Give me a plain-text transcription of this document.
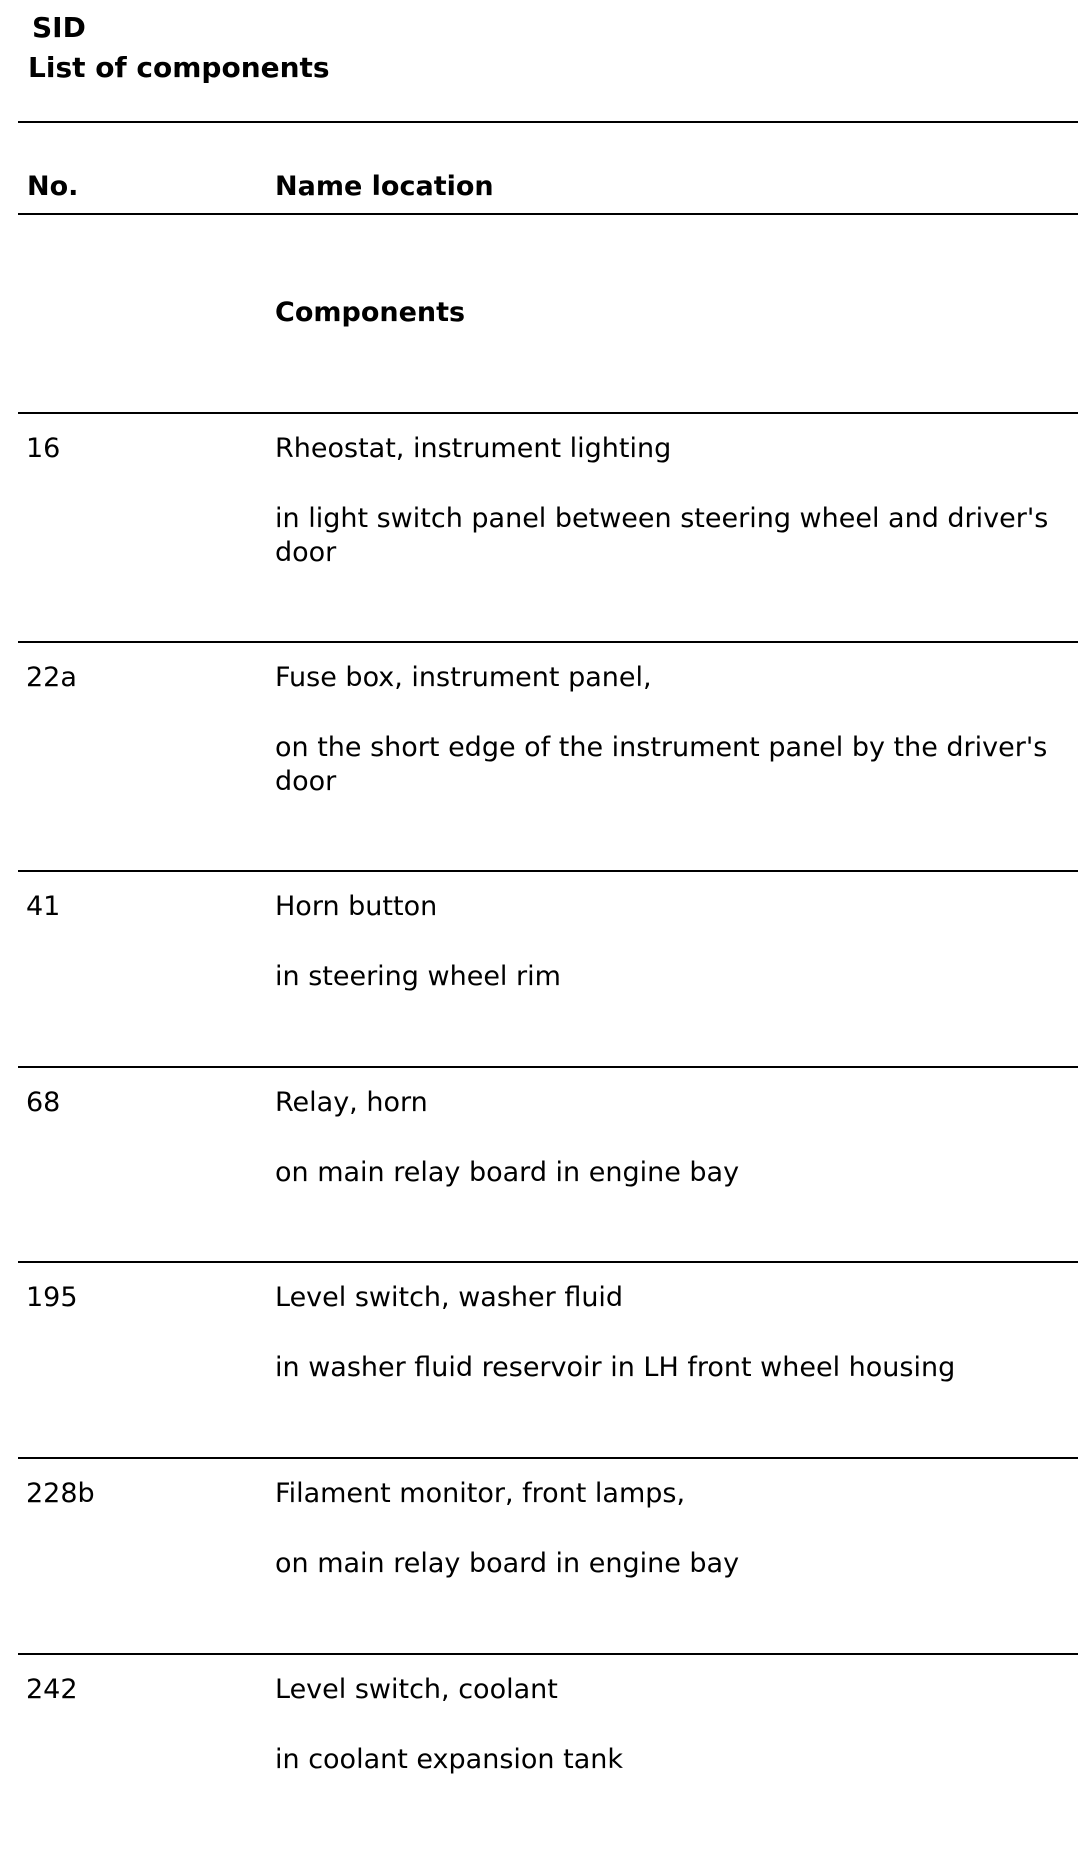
SID
List of components
No.	Name location
Components
16	Rheostat, instrument lighting
in light switch panel between steering wheel and driver's door
22a	Fuse box, instrument panel,
on the short edge of the instrument panel by the driver's door
41	Horn button
in steering wheel rim
68	Relay, horn
on main relay board in engine bay
195	Level switch, washer fluid
in washer fluid reservoir in LH front wheel housing
228b	Filament monitor, front lamps,
on main relay board in engine bay
242	Level switch, coolant
in coolant expansion tank
